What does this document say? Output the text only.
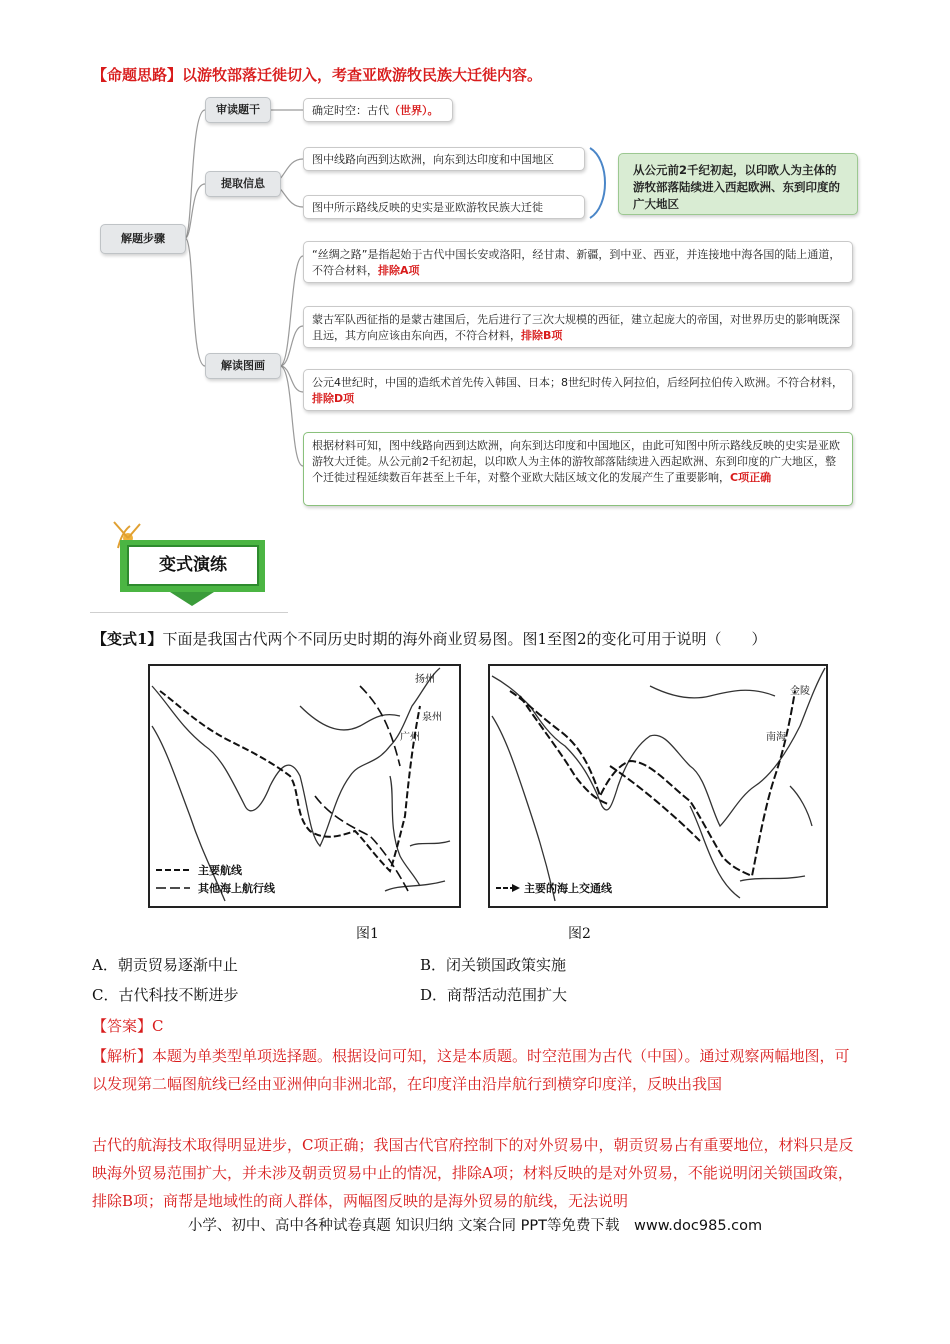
【命题思路】以游牧部落迁徙切入，考查亚欧游牧民族大迁徙内容。
解题步骤
审读题干	确定时空：古代（世界）。
提取信息
图中线路向西到达欧洲，向东到达印度和中国地区
图中所示路线反映的史实是亚欧游牧民族大迁徙
从公元前2千纪初起，以印欧人为主体的游牧部落陆续进入西起欧洲、东到印度的广大地区
解读图画
“丝绸之路”是指起始于古代中国长安或洛阳，经甘肃、新疆，到中亚、西亚，并连接地中海各国的陆上通道，不符合材料，排除A项
蒙古军队西征指的是蒙古建国后，先后进行了三次大规模的西征，建立起庞大的帝国，对世界历史的影响既深且远，其方向应该由东向西，不符合材料，排除B项
公元4世纪时，中国的造纸术首先传入韩国、日本；8世纪时传入阿拉伯，后经阿拉伯传入欧洲。不符合材料，排除D项
根据材料可知，图中线路向西到达欧洲，向东到达印度和中国地区，由此可知图中所示路线反映的史实是亚欧游牧大迁徙。从公元前2千纪初起，以印欧人为主体的游牧部落陆续进入西起欧洲、东到印度的广大地区，整个迁徙过程延续数百年甚至上千年，对整个亚欧大陆区域文化的发展产生了重要影响，C项正确
变式演练
【变式1】下面是我国古代两个不同历史时期的海外商业贸易图。图1至图2的变化可用于说明（　　）
扬州
泉州
广州
主要航线
其他海上航行线
图1
金陵
南海
主要的海上交通线
图2
A．朝贡贸易逐渐中止	B．闭关锁国政策实施
C．古代科技不断进步	D．商帮活动范围扩大
【答案】C
【解析】本题为单类型单项选择题。根据设问可知，这是本质题。时空范围为古代（中国）。通过观察两幅地图，可以发现第二幅图航线已经由亚洲伸向非洲北部，在印度洋由沿岸航行到横穿印度洋，反映出我国
古代的航海技术取得明显进步，C项正确；我国古代官府控制下的对外贸易中，朝贡贸易占有重要地位，材料只是反映海外贸易范围扩大，并未涉及朝贡贸易中止的情况，排除A项；材料反映的是对外贸易，不能说明闭关锁国政策，排除B项；商帮是地域性的商人群体，两幅图反映的是海外贸易的航线，无法说明
小学、初中、高中各种试卷真题 知识归纳 文案合同 PPT等免费下载　www.doc985.com
